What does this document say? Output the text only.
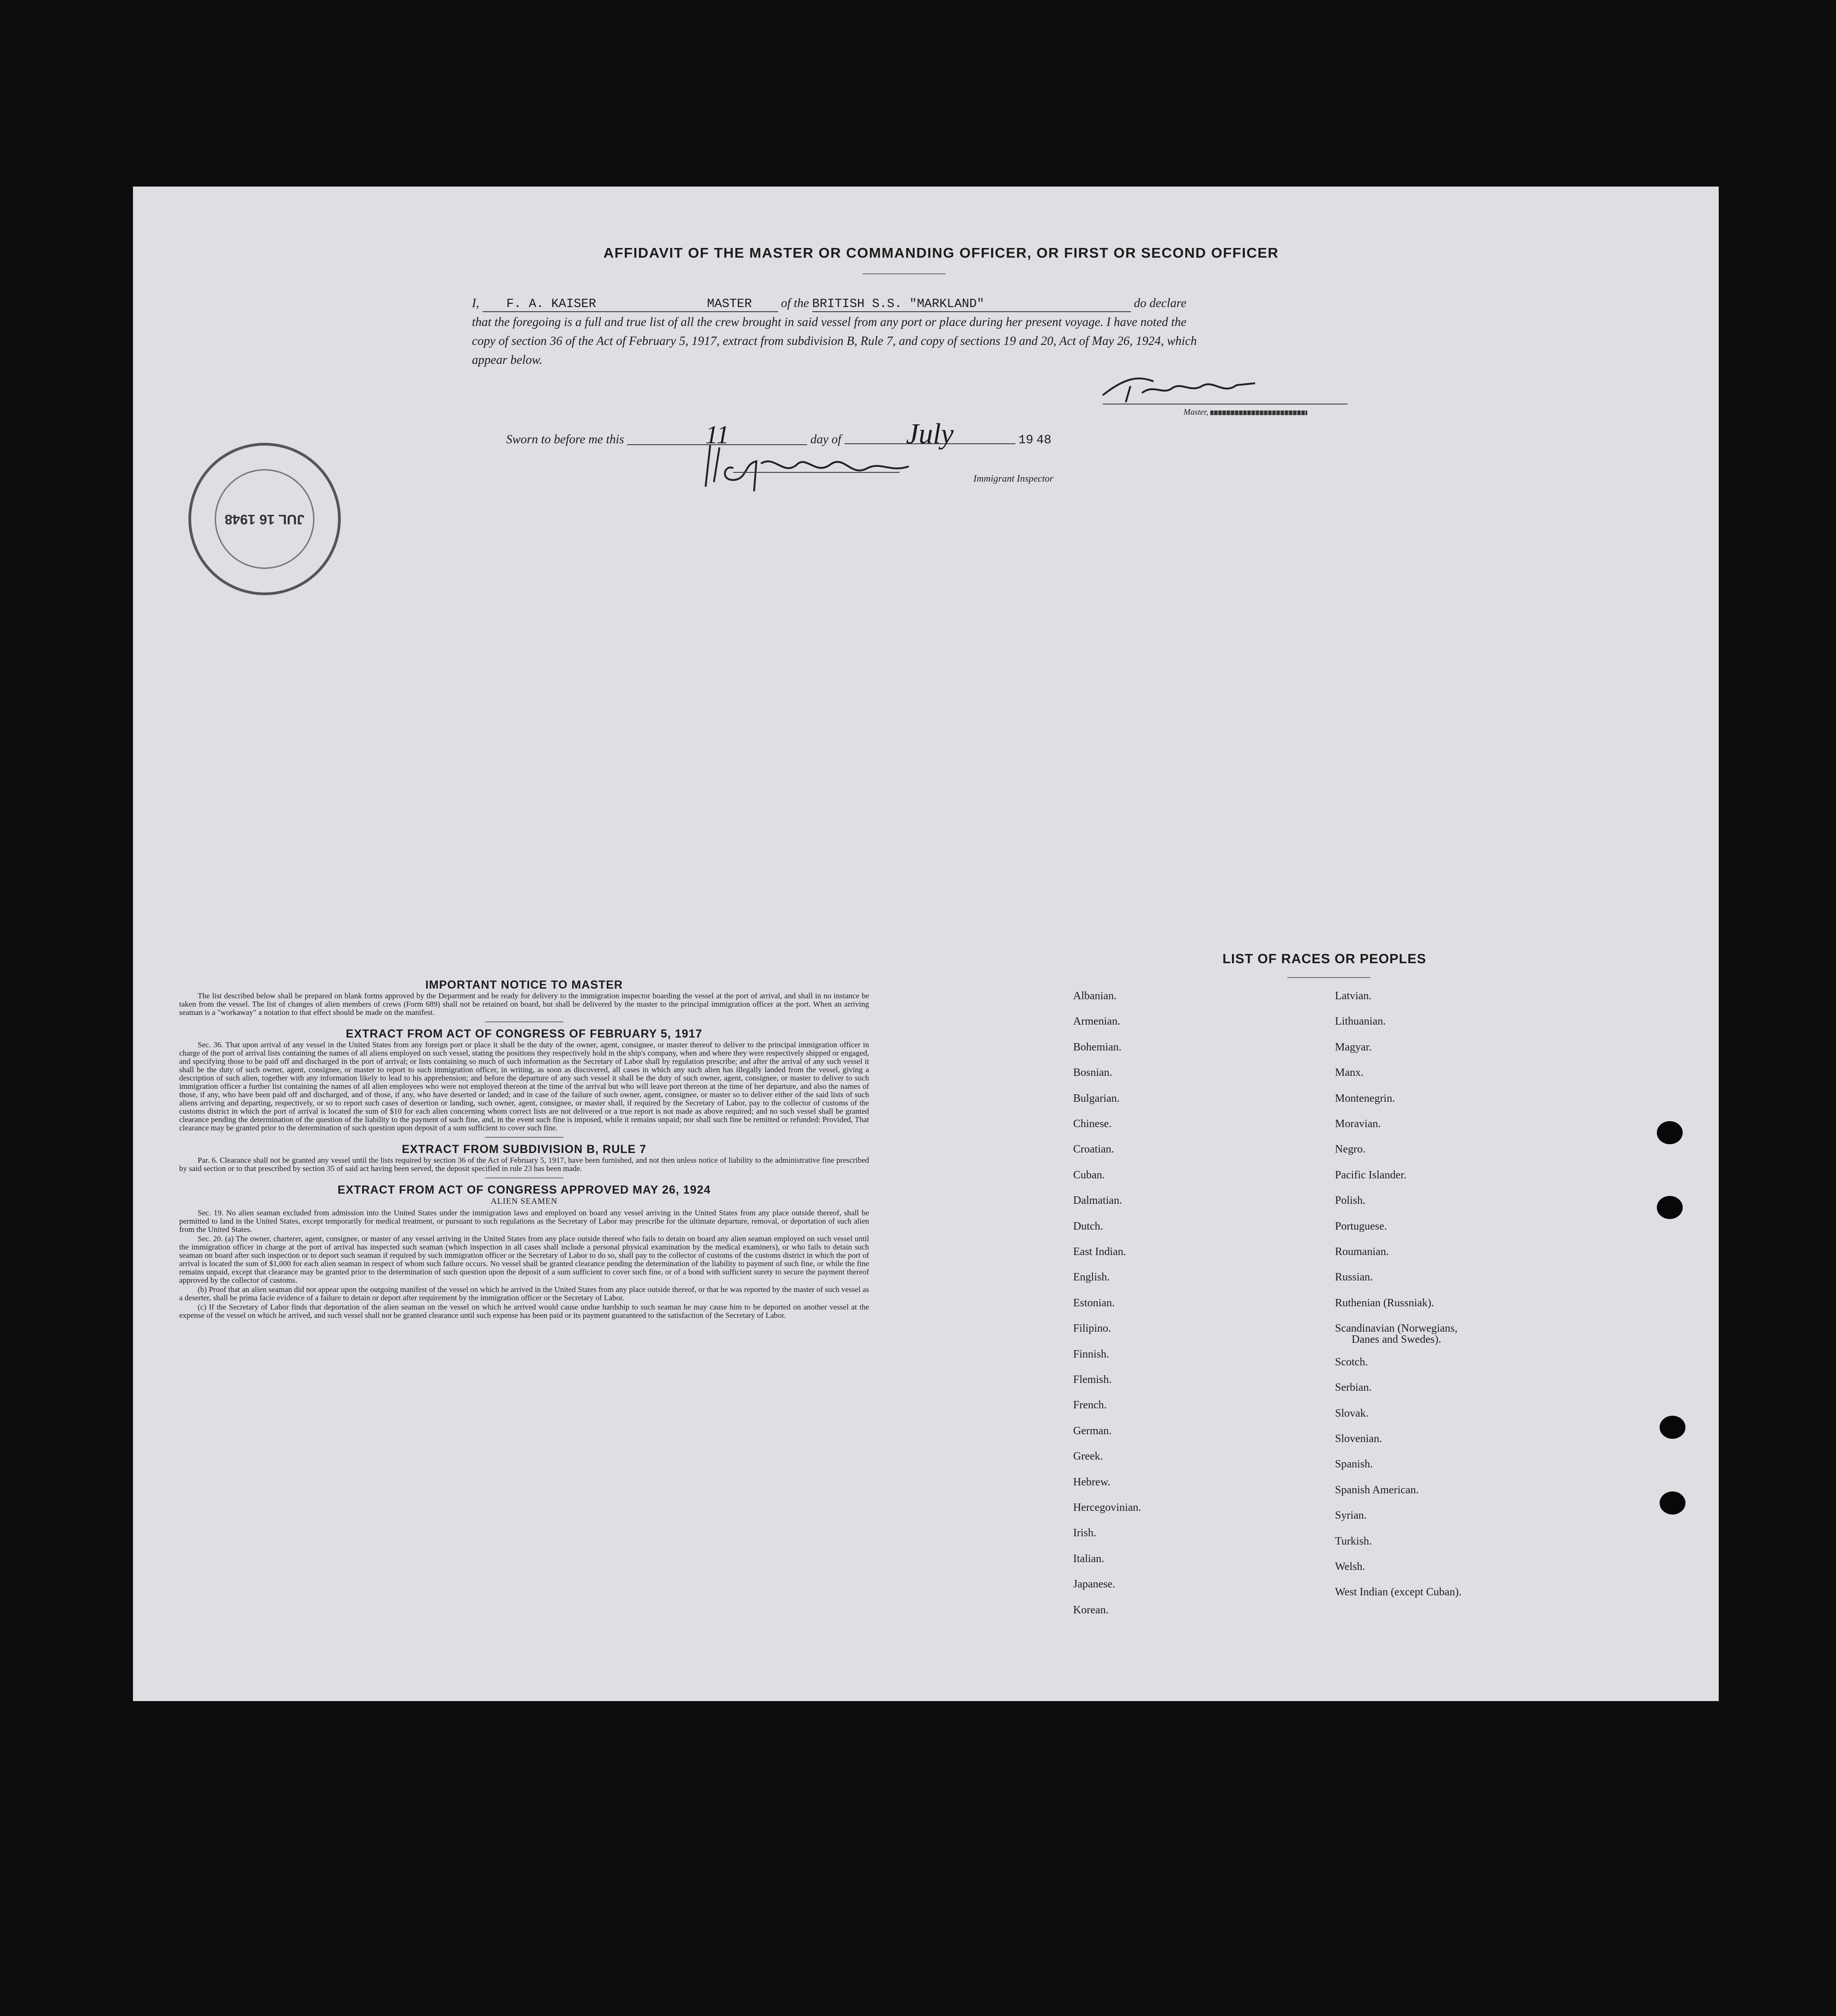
AFFIDAVIT OF THE MASTER OR COMMANDING OFFICER, OR FIRST OR SECOND OFFICER
I, F. A. KAISER	MASTER of the BRITISH S.S. "MARKLAND"	do declare
that the foregoing is a full and true list of all the crew brought in said vessel from any port or place during her present voyage. I have noted the
copy of section 36 of the Act of February 5, 1917, extract from subdivision B, Rule 7, and copy of sections 19 and 20, Act of May 26, 1924, which
appear below.
Master,
Sworn to before me this	11	day of July	19 48
Immigrant Inspector
JUL 16 1948
IMPORTANT NOTICE TO MASTER

The list described below shall be prepared on blank forms approved by the Department and be ready for delivery to the immigration inspector boarding the vessel at the port of arrival, and shall in no instance be taken from the vessel. The list of changes of alien members of crews (Form 689) shall not be retained on board, but shall be delivered by the master to the principal immigration officer at the port. When an arriving seaman is a "workaway" a notation to that effect should be made on the manifest.

EXTRACT FROM ACT OF CONGRESS OF FEBRUARY 5, 1917

Sec. 36. That upon arrival of any vessel in the United States from any foreign port or place it shall be the duty of the owner, agent, consignee, or master thereof to deliver to the principal immigration officer in charge of the port of arrival lists containing the names of all aliens employed on such vessel, stating the positions they respectively hold in the ship's company, when and where they were respectively shipped or engaged, and specifying those to be paid off and discharged in the port of arrival; or lists containing so much of such information as the Secretary of Labor shall by regulation prescribe; and after the arrival of any such vessel it shall be the duty of such owner, agent, consignee, or master to report to such immigration officer, in writing, as soon as discovered, all cases in which any such alien has illegally landed from the vessel, giving a description of such alien, together with any information likely to lead to his apprehension; and before the departure of any such vessel it shall be the duty of such owner, agent, consignee, or master to deliver to such immigration officer a further list containing the names of all alien employees who were not employed thereon at the time of the arrival but who will leave port thereon at the time of her departure, and also the names of those, if any, who have been paid off and discharged, and of those, if any, who have deserted or landed; and in case of the failure of such owner, agent, consignee, or master so to deliver either of the said lists of such aliens arriving and departing, respectively, or so to report such cases of desertion or landing, such owner, agent, consignee, or master shall, if required by the Secretary of Labor, pay to the collector of customs of the customs district in which the port of arrival is located the sum of $10 for each alien concerning whom correct lists are not delivered or a true report is not made as above required; and no such vessel shall be granted clearance pending the determination of the question of the liability to the payment of such fine, and, in the event such fine is imposed, while it remains unpaid; nor shall such fine be remitted or refunded: Provided, That clearance may be granted prior to the determination of such question upon deposit of a sum sufficient to cover such fine.

EXTRACT FROM SUBDIVISION B, RULE 7

Par. 6. Clearance shall not be granted any vessel until the lists required by section 36 of the Act of February 5, 1917, have been furnished, and not then unless notice of liability to the administrative fine prescribed by said section or to that prescribed by section 35 of said act having been served, the deposit specified in rule 23 has been made.

EXTRACT FROM ACT OF CONGRESS APPROVED MAY 26, 1924
ALIEN SEAMEN

Sec. 19. No alien seaman excluded from admission into the United States under the immigration laws and employed on board any vessel arriving in the United States from any place outside thereof, shall be permitted to land in the United States, except temporarily for medical treatment, or pursuant to such regulations as the Secretary of Labor may prescribe for the ultimate departure, removal, or deportation of such alien from the United States.

Sec. 20. (a) The owner, charterer, agent, consignee, or master of any vessel arriving in the United States from any place outside thereof who fails to detain on board any alien seaman employed on such vessel until the immigration officer in charge at the port of arrival has inspected such seaman (which inspection in all cases shall include a personal physical examination by the medical examiners), or who fails to detain such seaman on board after such inspection or to deport such seaman if required by such immigration officer or the Secretary of Labor to do so, shall pay to the collector of customs of the customs district in which the port of arrival is located the sum of $1,000 for each alien seaman in respect of whom such failure occurs. No vessel shall be granted clearance pending the determination of the liability to payment of such fine, or while the fine remains unpaid, except that clearance may be granted prior to the determination of such question upon the deposit of a sum sufficient to cover such fine, or of a bond with sufficient surety to secure the payment thereof approved by the collector of customs.

(b) Proof that an alien seaman did not appear upon the outgoing manifest of the vessel on which he arrived in the United States from any place outside thereof, or that he was reported by the master of such vessel as a deserter, shall be prima facie evidence of a failure to detain or deport after requirement by the immigration officer or the Secretary of Labor.

(c) If the Secretary of Labor finds that deportation of the alien seaman on the vessel on which he arrived would cause undue hardship to such seaman he may cause him to be deported on another vessel at the expense of the vessel on which he arrived, and such vessel shall not be granted clearance until such expense has been paid or its payment guaranteed to the satisfaction of the Secretary of Labor.

LIST OF RACES OR PEOPLES
Albanian.
Armenian.
Bohemian.
Bosnian.
Bulgarian.
Chinese.
Croatian.
Cuban.
Dalmatian.
Dutch.
East Indian.
English.
Estonian.
Filipino.
Finnish.
Flemish.
French.
German.
Greek.
Hebrew.
Hercegovinian.
Irish.
Italian.
Japanese.
Korean.
Latvian.
Lithuanian.
Magyar.
Manx.
Montenegrin.
Moravian.
Negro.
Pacific Islander.
Polish.
Portuguese.
Roumanian.
Russian.
Ruthenian (Russniak).
Scandinavian (Norwegians,
Danes and Swedes).
Scotch.
Serbian.
Slovak.
Slovenian.
Spanish.
Spanish American.
Syrian.
Turkish.
Welsh.
West Indian (except Cuban).
